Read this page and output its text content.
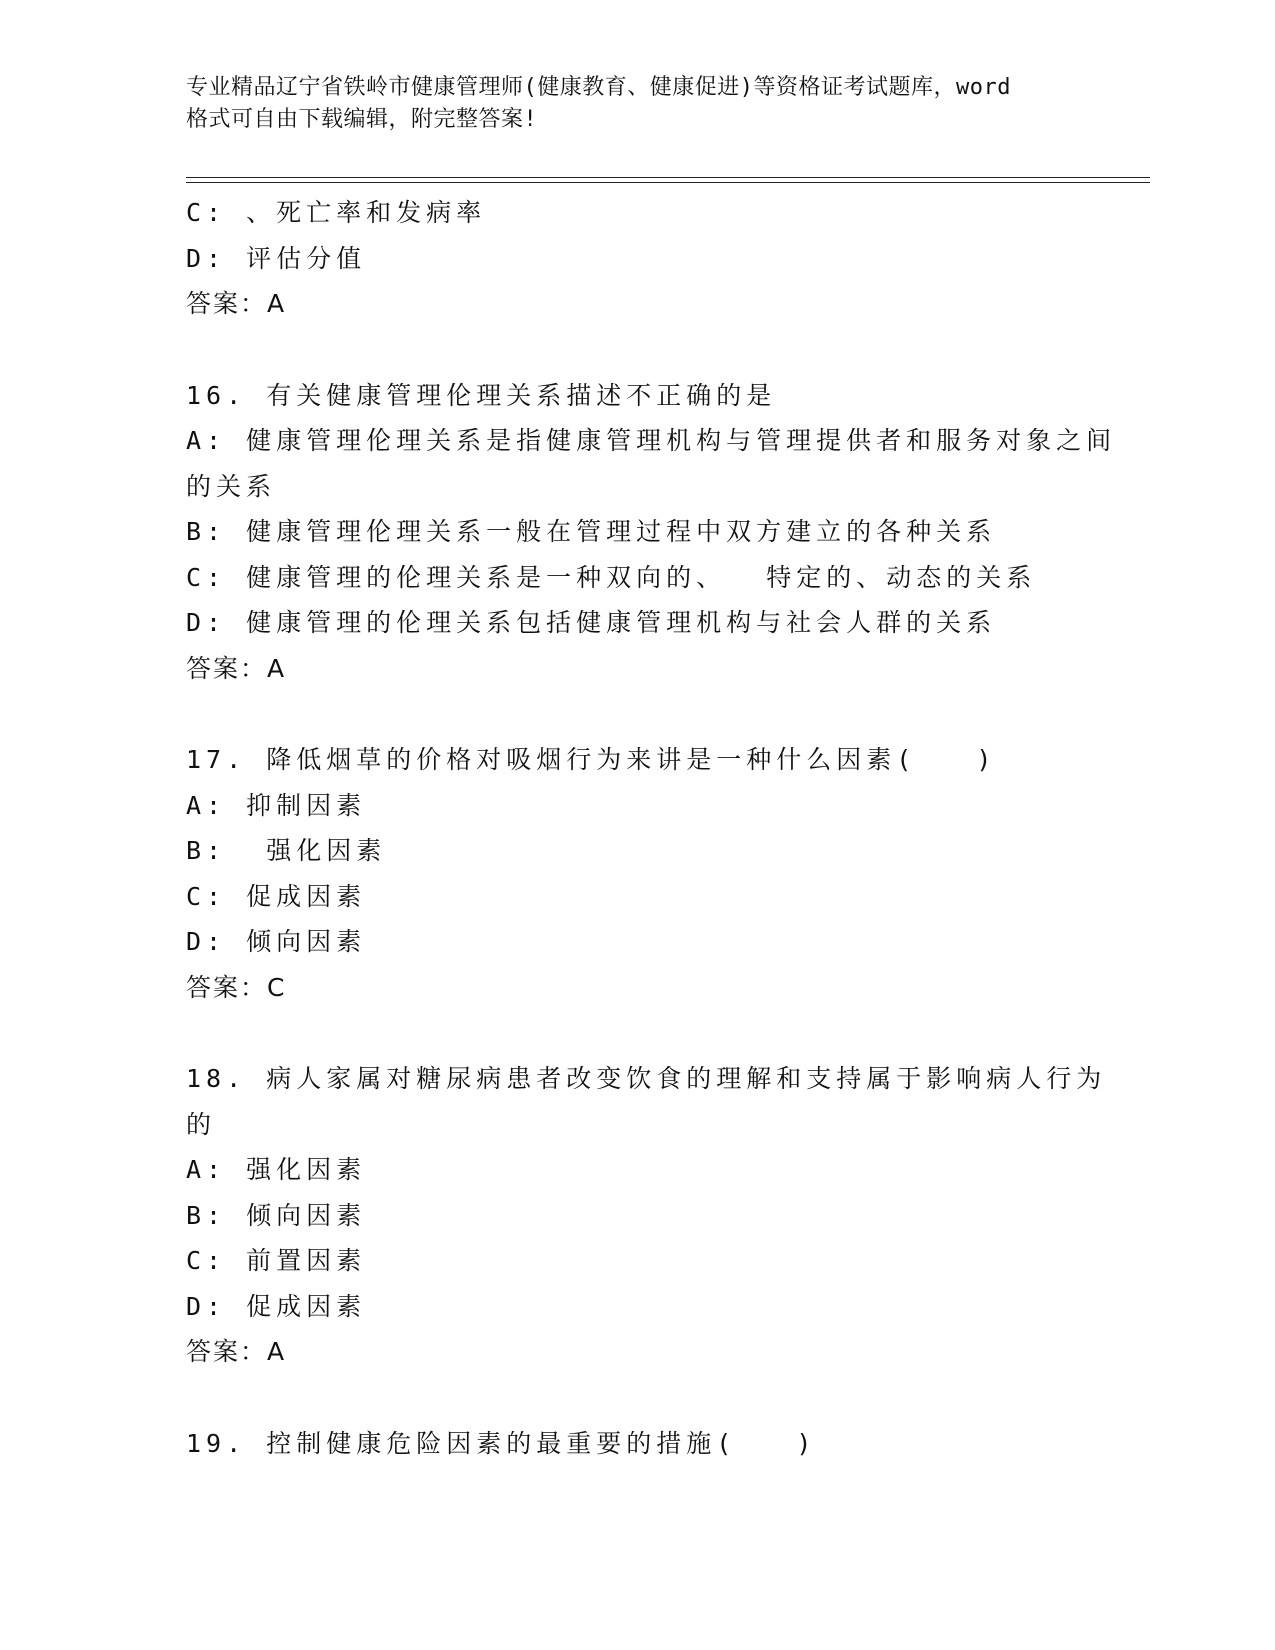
专业精品辽宁省铁岭市健康管理师(健康教育、健康促进)等资格证考试题库，word
格式可自由下载编辑，附完整答案!
C: 、死亡率和发病率
D: 评估分值
答案：A
16. 有关健康管理伦理关系描述不正确的是
A: 健康管理伦理关系是指健康管理机构与管理提供者和服务对象之间
的关系
B: 健康管理伦理关系一般在管理过程中双方建立的各种关系
C: 健康管理的伦理关系是一种双向的、  特定的、动态的关系
D: 健康管理的伦理关系包括健康管理机构与社会人群的关系
答案：A
17. 降低烟草的价格对吸烟行为来讲是一种什么因素(   )
A: 抑制因素
B:  强化因素
C: 促成因素
D: 倾向因素
答案：C
18. 病人家属对糖尿病患者改变饮食的理解和支持属于影响病人行为
的
A: 强化因素
B: 倾向因素
C: 前置因素
D: 促成因素
答案：A
19. 控制健康危险因素的最重要的措施(   )
